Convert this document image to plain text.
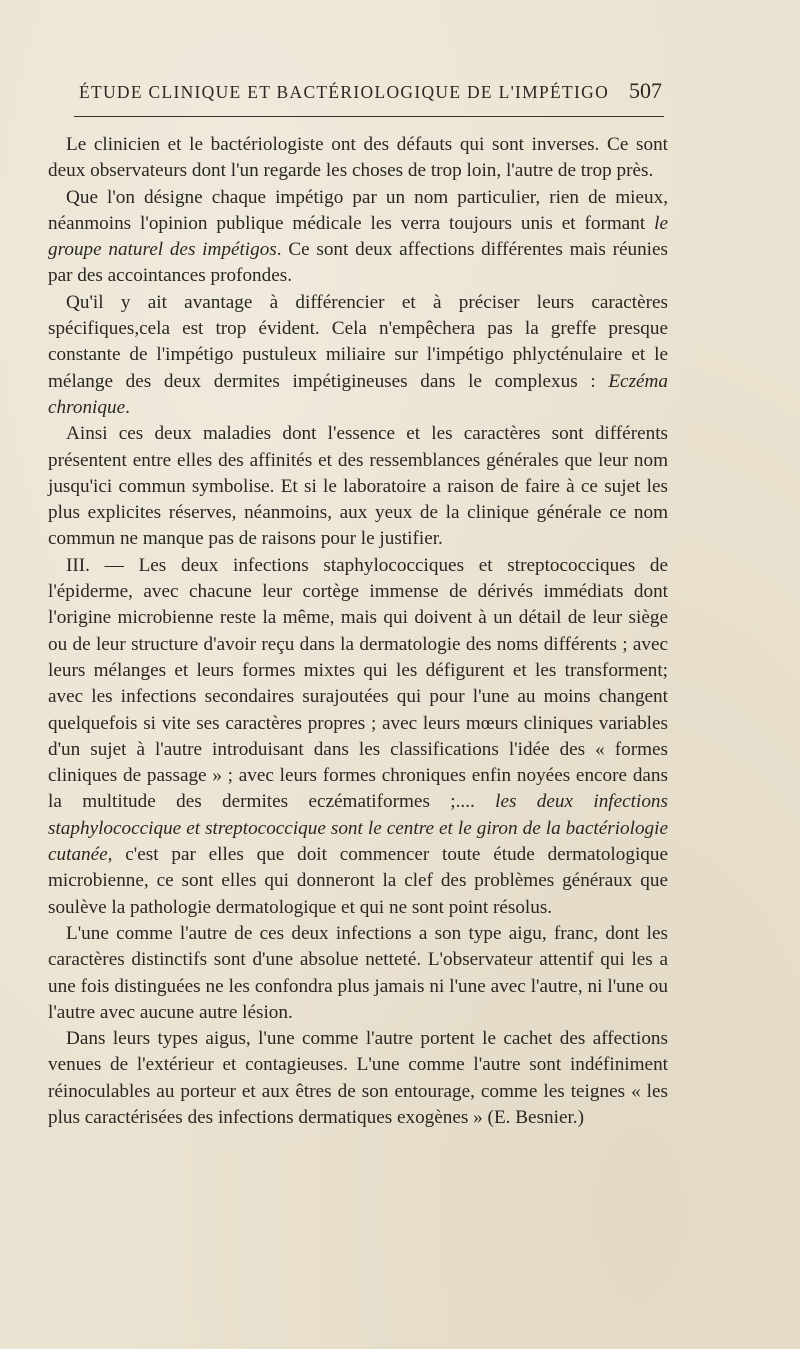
ÉTUDE CLINIQUE ET BACTÉRIOLOGIQUE DE L'IMPÉTIGO 507

Le clinicien et le bactériologiste ont des défauts qui sont inverses. Ce sont deux observateurs dont l'un regarde les choses de trop loin, l'autre de trop près.

Que l'on désigne chaque impétigo par un nom particulier, rien de mieux, néanmoins l'opinion publique médicale les verra toujours unis et formant le groupe naturel des impétigos. Ce sont deux affections différentes mais réunies par des accointances profondes.

Qu'il y ait avantage à différencier et à préciser leurs caractères spécifiques,cela est trop évident. Cela n'empêchera pas la greffe presque constante de l'impétigo pustuleux miliaire sur l'impétigo phlycténulaire et le mélange des deux dermites impétigineuses dans le complexus : Eczéma chronique.

Ainsi ces deux maladies dont l'essence et les caractères sont différents présentent entre elles des affinités et des ressemblances générales que leur nom jusqu'ici commun symbolise. Et si le laboratoire a raison de faire à ce sujet les plus explicites réserves, néanmoins, aux yeux de la clinique générale ce nom commun ne manque pas de raisons pour le justifier.

III. — Les deux infections staphylococciques et streptococciques de l'épiderme, avec chacune leur cortège immense de dérivés immédiats dont l'origine microbienne reste la même, mais qui doivent à un détail de leur siège ou de leur structure d'avoir reçu dans la dermatologie des noms différents ; avec leurs mélanges et leurs formes mixtes qui les défigurent et les transforment; avec les infections secondaires surajoutées qui pour l'une au moins changent quelquefois si vite ses caractères propres ; avec leurs mœurs cliniques variables d'un sujet à l'autre introduisant dans les classifications l'idée des « formes cliniques de passage » ; avec leurs formes chroniques enfin noyées encore dans la multitude des dermites eczématiformes ;.... les deux infections staphylococcique et streptococcique sont le centre et le giron de la bactériologie cutanée, c'est par elles que doit commencer toute étude dermatologique microbienne, ce sont elles qui donneront la clef des problèmes généraux que soulève la pathologie dermatologique et qui ne sont point résolus.

L'une comme l'autre de ces deux infections a son type aigu, franc, dont les caractères distinctifs sont d'une absolue netteté. L'observateur attentif qui les a une fois distinguées ne les confondra plus jamais ni l'une avec l'autre, ni l'une ou l'autre avec aucune autre lésion.

Dans leurs types aigus, l'une comme l'autre portent le cachet des affections venues de l'extérieur et contagieuses. L'une comme l'autre sont indéfiniment réinoculables au porteur et aux êtres de son entourage, comme les teignes « les plus caractérisées des infections dermatiques exogènes » (E. Besnier.)
